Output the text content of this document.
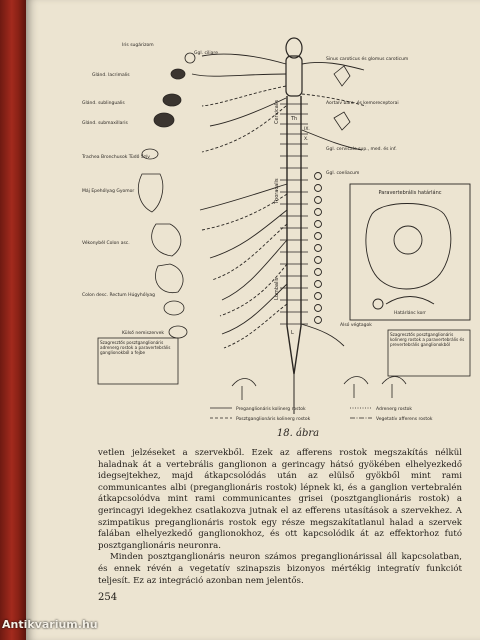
Paravertebrális határlánc
Határlánc korr
Cervicalis
Thoracalis
Lumbalis
Th
IX.
X.
L
Iris sugárizom
Ggl. ciliare
Glánd. lacrimalis
Glánd. sublingualis
Glánd. submaxillaris
Trachea Bronchusok Tüdő Szív
Máj Epehólyag Gyomor
Vékonybél Colon asc.
Colon desc. Rectum Húgyhólyag
Külső nemiszervek
Sinus caroticus és glomus caroticum
Aortaív baro- és kemoreceptorai
Ggl. cervicale sup., med. és inf.
Ggl. coeliacum
Alsó végtagok
Szagresztős posztganglionáris adrenerg rostok a paravertebrális ganglionokból a fejbe
Szagresztős posztganglionáris kolinerg rostok a paravertebrális és prevertebrális ganglionokból
Preganglionáris kolinerg rostok
Posztganglionáris kolinerg rostok
Adrenerg rostok
Vegetatív afferens rostok
18. ábra

vetlen jelzéseket a szervekből. Ezek az afferens rostok megszakítás nélkül haladnak át a vertebrális ganglionon a gerincagy hátsó gyökében elhelyezkedő idegsejtekhez, majd átkapcsolódás után az elülső gyökből mint rami communicantes albi (preganglionáris rostok) lépnek ki, és a ganglion vertebralén átkapcsolódva mint rami communicantes grisei (posztganglionáris rostok) a gerincagyi idegekhez csatlakozva jutnak el az efferens utasítások a szervekhez. A szimpatikus preganglionáris rostok egy része megszakítatlanul halad a szervek falában elhelyezkedő ganglionokhoz, és ott kapcsolódik át az effektorhoz futó posztganglionáris neuronra.

Minden posztganglionáris neuron számos preganglionárissal áll kapcsolatban, és ennek révén a vegetatív szinapszis bizonyos mértékig integratív funkciót teljesít. Ez az integráció azonban nem jelentős.

254
Antikvarium.hu
